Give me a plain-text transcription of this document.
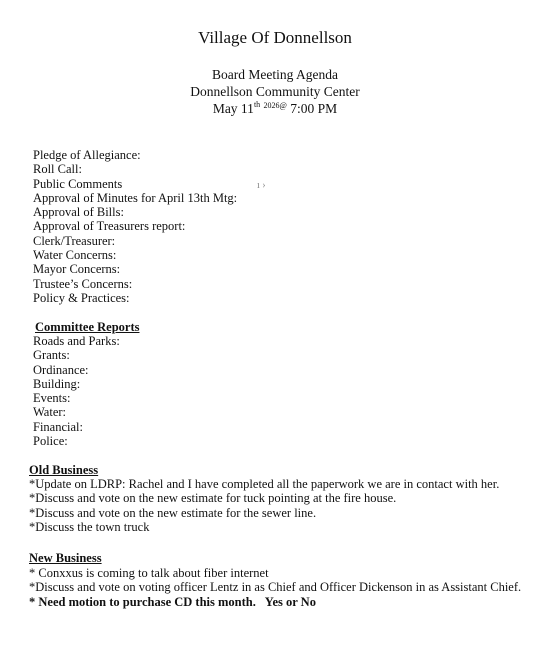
Village Of Donnellson
Board Meeting Agenda
Donnellson Community Center
May 11th $^{2026@}$ 7:00 PM
Pledge of Allegiance:
Roll Call:
Public Comments
Approval of Minutes for April 13th Mtg:
Approval of Bills:
Approval of Treasurers report:
Clerk/Treasurer:
Water Concerns:
Mayor Concerns:
Trustee’s Concerns:
Policy & Practices:
ı ›
Committee Reports
Roads and Parks:
Grants:
Ordinance:
Building:
Events:
Water:
Financial:
Police:
Old Business
*Update on LDRP: Rachel and I have completed all the paperwork we are in contact with her.
*Discuss and vote on the new estimate for tuck pointing at the fire house.
*Discuss and vote on the new estimate for the sewer line.
*Discuss the town truck
New Business
* Conxxus is coming to talk about fiber internet
*Discuss and vote on voting officer Lentz in as Chief and Officer Dickenson in as Assistant Chief.
* Need motion to purchase CD this month. Yes or No
